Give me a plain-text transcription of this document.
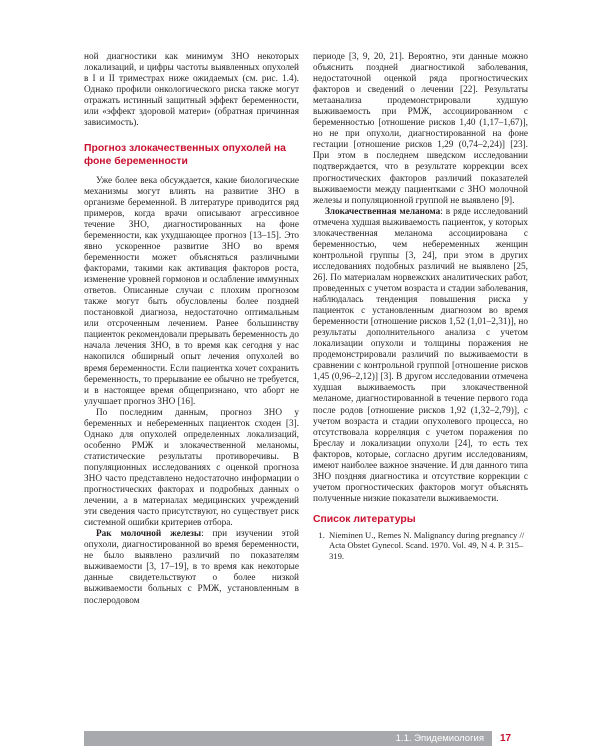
ной диагностики как минимум ЗНО некоторых локализаций, и цифры частоты выявленных опухолей в I и II триместрах ниже ожидаемых (см. рис. 1.4). Однако профили онкологического риска также могут отражать истинный защитный эффект беременности, или «эффект здоровой матери» (обратная причинная зависимость).

Прогноз злокачественных опухолей на фоне беременности

Уже более века обсуждается, какие биологические механизмы могут влиять на развитие ЗНО в организме беременной. В литературе приводится ряд примеров, когда врачи описывают агрессивное течение ЗНО, диагностированных на фоне беременности, как ухудшающее прогноз [13–15]. Это явно ускоренное развитие ЗНО во время беременности может объясняться различными факторами, такими как активация факторов роста, изменение уровней гормонов и ослабление иммунных ответов. Описанные случаи с плохим прогнозом также могут быть обусловлены более поздней постановкой диагноза, недостаточно оптимальным или отсроченным лечением. Ранее большинству пациенток рекомендовали прерывать беременность до начала лечения ЗНО, в то время как сегодня у нас накопился обширный опыт лечения опухолей во время беременности. Если пациентка хочет сохранить беременность, то прерывание ее обычно не требуется, и в настоящее время общепризнано, что аборт не улучшает прогноз ЗНО [16].

По последним данным, прогноз ЗНО у беременных и небеременных пациенток сходен [3]. Однако для опухолей определенных локализаций, особенно РМЖ и злокачественной меланомы, статистические результаты противоречивы. В популяционных исследованиях с оценкой прогноза ЗНО часто представлено недостаточно информации о прогностических факторах и подробных данных о лечении, а в материалах медицинских учреждений эти сведения часто присутствуют, но существует риск системной ошибки критериев отбора.

Рак молочной железы: при изучении этой опухоли, диагностированной во время беременности, не было выявлено различий по показателям выживаемости [3, 17–19], в то время как некоторые данные свидетельствуют о более низкой выживаемости больных с РМЖ, установленным в послеродовом

периоде [3, 9, 20, 21]. Вероятно, эти данные можно объяснить поздней диагностикой заболевания, недостаточной оценкой ряда прогностических факторов и сведений о лечении [22]. Результаты метаанализа продемонстрировали худшую выживаемость при РМЖ, ассоциированном с беременностью [отношение рисков 1,40 (1,17–1,67)], но не при опухоли, диагностированной на фоне гестации [отношение рисков 1,29 (0,74–2,24)] [23]. При этом в последнем шведском исследовании подтверждается, что в результате коррекции всех прогностических факторов различий показателей выживаемости между пациентками с ЗНО молочной железы и популяционной группой не выявлено [9].

Злокачественная меланома: в ряде исследований отмечена худшая выживаемость пациенток, у которых злокачественная меланома ассоциирована с беременностью, чем небеременных женщин контрольной группы [3, 24], при этом в других исследованиях подобных различий не выявлено [25, 26]. По материалам норвежских аналитических работ, проведенных с учетом возраста и стадии заболевания, наблюдалась тенденция повышения риска у пациенток с установленным диагнозом во время беременности [отношение рисков 1,52 (1,01–2,31)], но результаты дополнительного анализа с учетом локализации опухоли и толщины поражения не продемонстрировали различий по выживаемости в сравнении с контрольной группой [отношение рисков 1,45 (0,96–2,12)] [3]. В другом исследовании отмечена худшая выживаемость при злокачественной меланоме, диагностированной в течение первого года после родов [отношение рисков 1,92 (1,32–2,79)], с учетом возраста и стадии опухолевого процесса, но отсутствовала корреляция с учетом поражения по Бреслау и локализации опухоли [24], то есть тех факторов, которые, согласно другим исследованиям, имеют наиболее важное значение. И для данного типа ЗНО поздняя диагностика и отсутствие коррекции с учетом прогностических факторов могут объяснять полученные низкие показатели выживаемости.

Список литературы
1. Nieminen U., Remes N. Malignancy during pregnancy // Acta Obstet Gynecol. Scand. 1970. Vol. 49, N 4. P. 315–319.
1.1. Эпидемиология 17
